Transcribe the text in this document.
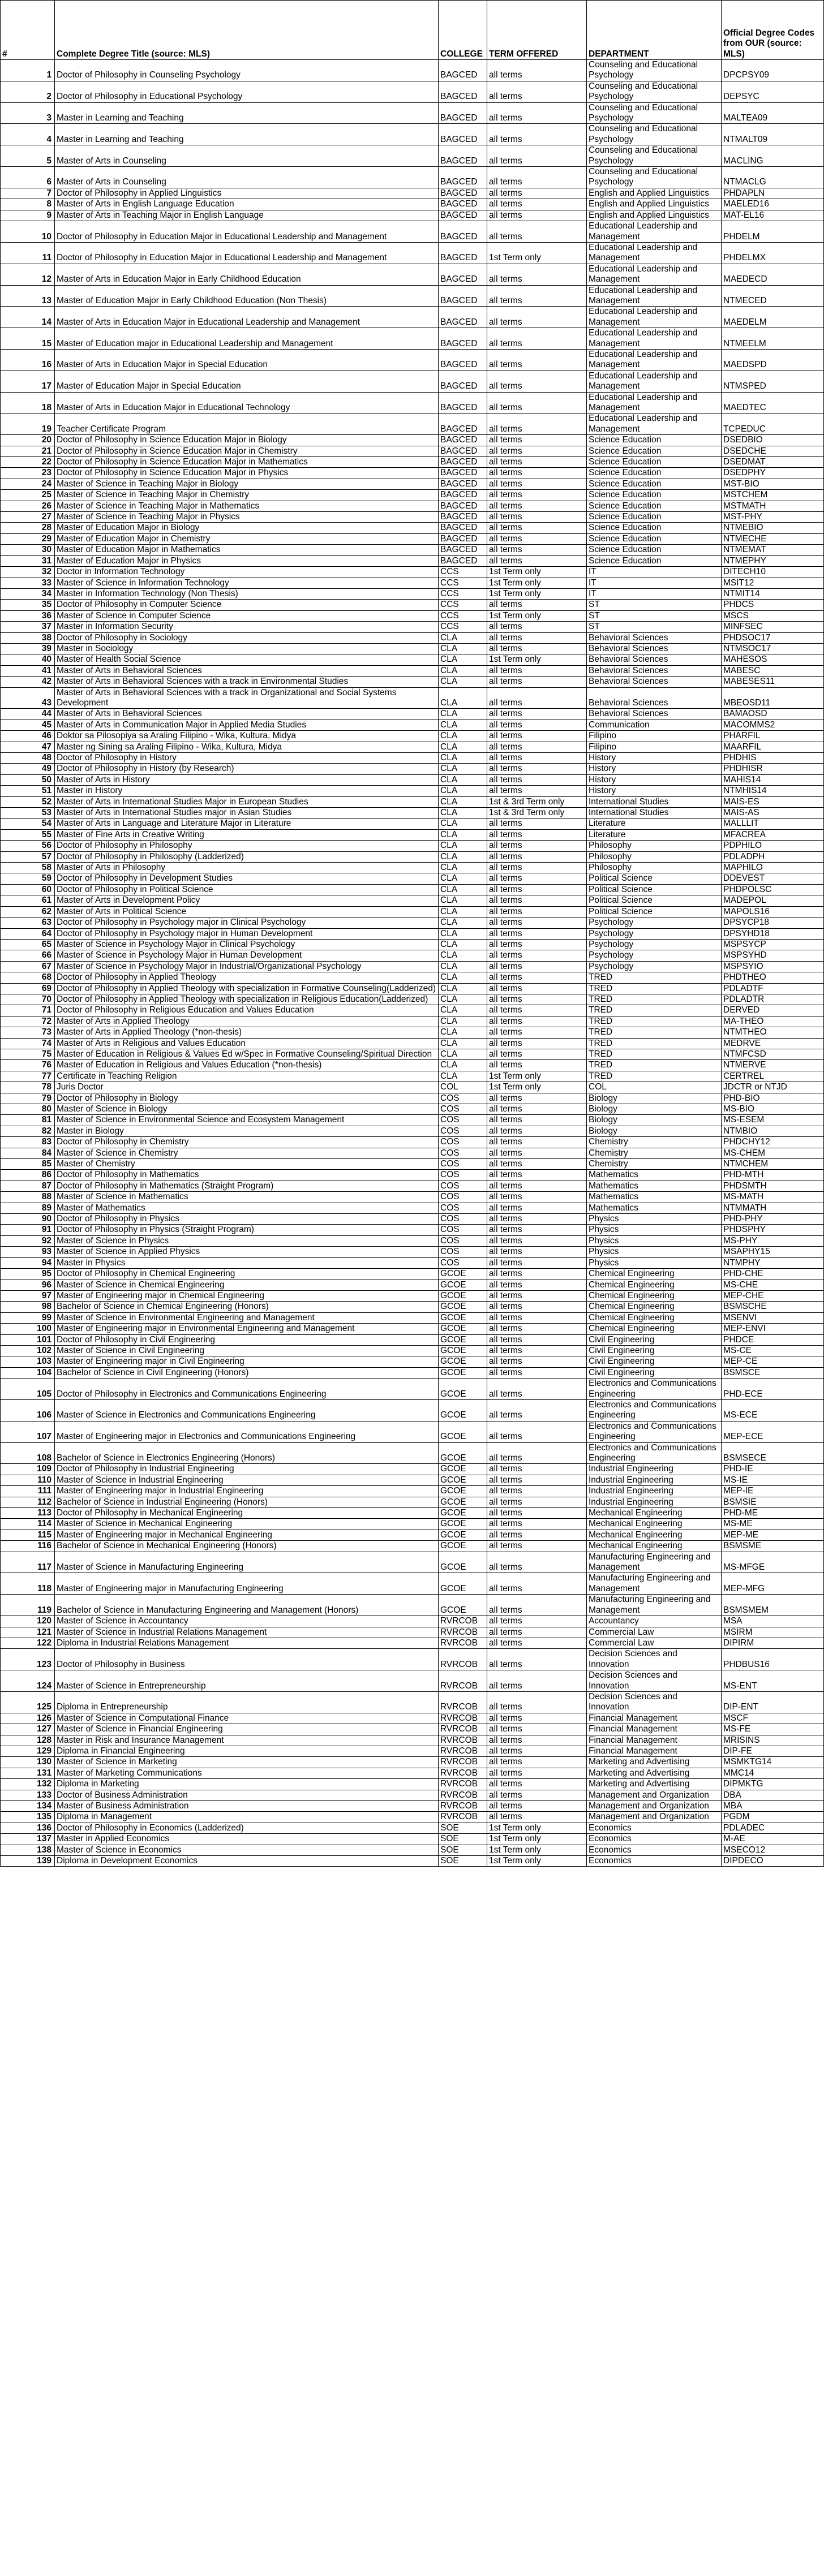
#	Complete Degree Title (source: MLS)	COLLEGE	TERM OFFERED	DEPARTMENT	Official Degree Codes from OUR (source: MLS)
1	Doctor of Philosophy in Counseling Psychology	BAGCED	all terms	Counseling and Educational Psychology	DPCPSY09
2	Doctor of Philosophy in Educational Psychology	BAGCED	all terms	Counseling and Educational Psychology	DEPSYC
3	Master in Learning and Teaching	BAGCED	all terms	Counseling and Educational Psychology	MALTEA09
4	Master in Learning and Teaching	BAGCED	all terms	Counseling and Educational Psychology	NTMALT09
5	Master of Arts in Counseling	BAGCED	all terms	Counseling and Educational Psychology	MACLING
6	Master of Arts in Counseling	BAGCED	all terms	Counseling and Educational Psychology	NTMACLG
7	Doctor of Philosophy in Applied Linguistics	BAGCED	all terms	English and Applied Linguistics	PHDAPLN
8	Master of Arts in English Language Education	BAGCED	all terms	English and Applied Linguistics	MAELED16
9	Master of Arts in Teaching Major in English Language	BAGCED	all terms	English and Applied Linguistics	MAT-EL16
10	Doctor of Philosophy in Education Major in Educational Leadership and Management	BAGCED	all terms	Educational Leadership and Management	PHDELM
11	Doctor of Philosophy in Education Major in Educational Leadership and Management	BAGCED	1st Term only	Educational Leadership and Management	PHDELMX
12	Master of Arts in Education Major in Early Childhood Education	BAGCED	all terms	Educational Leadership and Management	MAEDECD
13	Master of Education Major in Early Childhood Education (Non Thesis)	BAGCED	all terms	Educational Leadership and Management	NTMECED
14	Master of Arts in Education Major in Educational Leadership and Management	BAGCED	all terms	Educational Leadership and Management	MAEDELM
15	Master of Education major in Educational Leadership and Management	BAGCED	all terms	Educational Leadership and Management	NTMEELM
16	Master of Arts in Education Major in Special Education	BAGCED	all terms	Educational Leadership and Management	MAEDSPD
17	Master of Education Major in Special Education	BAGCED	all terms	Educational Leadership and Management	NTMSPED
18	Master of Arts in Education Major in Educational Technology	BAGCED	all terms	Educational Leadership and Management	MAEDTEC
19	Teacher Certificate Program	BAGCED	all terms	Educational Leadership and Management	TCPEDUC
20	Doctor of Philosophy in Science Education Major in Biology	BAGCED	all terms	Science Education	DSEDBIO
21	Doctor of Philosophy in Science Education Major in Chemistry	BAGCED	all terms	Science Education	DSEDCHE
22	Doctor of Philosophy in Science Education Major in Mathematics	BAGCED	all terms	Science Education	DSEDMAT
23	Doctor of Philosophy in Science Education Major in Physics	BAGCED	all terms	Science Education	DSEDPHY
24	Master of Science in Teaching Major in Biology	BAGCED	all terms	Science Education	MST-BIO
25	Master of Science in Teaching Major in Chemistry	BAGCED	all terms	Science Education	MSTCHEM
26	Master of Science in Teaching Major in Mathematics	BAGCED	all terms	Science Education	MSTMATH
27	Master of Science in Teaching Major in Physics	BAGCED	all terms	Science Education	MST-PHY
28	Master of Education Major in Biology	BAGCED	all terms	Science Education	NTMEBIO
29	Master of Education Major in Chemistry	BAGCED	all terms	Science Education	NTMECHE
30	Master of Education Major in Mathematics	BAGCED	all terms	Science Education	NTMEMAT
31	Master of Education Major in Physics	BAGCED	all terms	Science Education	NTMEPHY
32	Doctor in Information Technology	CCS	1st Term only	IT	DITECH10
33	Master of Science in Information Technology	CCS	1st Term only	IT	MSIT12
34	Master in Information Technology (Non Thesis)	CCS	1st Term only	IT	NTMIT14
35	Doctor of Philosophy in Computer Science	CCS	all terms	ST	PHDCS
36	Master of Science in Computer Science	CCS	1st Term only	ST	MSCS
37	Master in Information Security	CCS	all terms	ST	MINFSEC
38	Doctor of Philosophy in Sociology	CLA	all terms	Behavioral Sciences	PHDSOC17
39	Master in Sociology	CLA	all terms	Behavioral Sciences	NTMSOC17
40	Master of Health Social Science	CLA	1st Term only	Behavioral Sciences	MAHESOS
41	Master of Arts in Behavioral Sciences	CLA	all terms	Behavioral Sciences	MABESC
42	Master of Arts in Behavioral Sciences with a track in Environmental Studies	CLA	all terms	Behavioral Sciences	MABESES11
43	Master of Arts in Behavioral Sciences with a track in Organizational and Social Systems Development	CLA	all terms	Behavioral Sciences	MBEOSD11
44	Master of Arts in Behavioral Sciences	CLA	all terms	Behavioral Sciences	BAMAOSD
45	Master of Arts in Communication Major in Applied Media Studies	CLA	all terms	Communication	MACOMMS2
46	Doktor sa Pilosopiya sa Araling Filipino - Wika, Kultura, Midya	CLA	all terms	Filipino	PHARFIL
47	Master ng Sining sa Araling Filipino - Wika, Kultura, Midya	CLA	all terms	Filipino	MAARFIL
48	Doctor of Philosophy in History	CLA	all terms	History	PHDHIS
49	Doctor of Philosophy in History (by Research)	CLA	all terms	History	PHDHISR
50	Master of Arts in History	CLA	all terms	History	MAHIS14
51	Master in History	CLA	all terms	History	NTMHIS14
52	Master of Arts in International Studies Major in European Studies	CLA	1st & 3rd Term only	International Studies	MAIS-ES
53	Master of Arts in International Studies major in Asian Studies	CLA	1st & 3rd Term only	International Studies	MAIS-AS
54	Master of Arts in Language and Literature Major in Literature	CLA	all terms	Literature	MALLLIT
55	Master of Fine Arts in Creative Writing	CLA	all terms	Literature	MFACREA
56	Doctor of Philosophy in Philosophy	CLA	all terms	Philosophy	PDPHILO
57	Doctor of Philosophy in Philosophy (Ladderized)	CLA	all terms	Philosophy	PDLADPH
58	Master of Arts in Philosophy	CLA	all terms	Philosophy	MAPHILO
59	Doctor of Philosophy in Development Studies	CLA	all terms	Political Science	DDEVEST
60	Doctor of Philosophy in Political Science	CLA	all terms	Political Science	PHDPOLSC
61	Master of Arts in Development Policy	CLA	all terms	Political Science	MADEPOL
62	Master of Arts in Political Science	CLA	all terms	Political Science	MAPOLS16
63	Doctor of Philosophy in Psychology major in Clinical Psychology	CLA	all terms	Psychology	DPSYCP18
64	Doctor of Philosophy in Psychology major in Human Development	CLA	all terms	Psychology	DPSYHD18
65	Master of Science in Psychology Major in Clinical Psychology	CLA	all terms	Psychology	MSPSYCP
66	Master of Science in Psychology Major in Human Development	CLA	all terms	Psychology	MSPSYHD
67	Master of Science in Psychology Major in Industrial/Organizational Psychology	CLA	all terms	Psychology	MSPSYIO
68	Doctor of Philosophy in Applied Theology	CLA	all terms	TRED	PHDTHEO
69	Doctor of Philosophy in Applied Theology with specialization in Formative Counseling(Ladderized)	CLA	all terms	TRED	PDLADTF
70	Doctor of Philosophy in Applied Theology with specialization in Religious Education(Ladderized)	CLA	all terms	TRED	PDLADTR
71	Doctor of Philosophy in Religious Education and Values Education	CLA	all terms	TRED	DERVED
72	Master of Arts in Applied Theology	CLA	all terms	TRED	MA-THEO
73	Master of Arts in Applied Theology (*non-thesis)	CLA	all terms	TRED	NTMTHEO
74	Master of Arts in Religious and Values Education	CLA	all terms	TRED	MEDRVE
75	Master of Education in Religious & Values Ed w/Spec in Formative Counseling/Spiritual Direction	CLA	all terms	TRED	NTMFCSD
76	Master of Education in Religious and Values Education (*non-thesis)	CLA	all terms	TRED	NTMERVE
77	Certificate in Teaching Religion	CLA	1st Term only	TRED	CERTREL
78	Juris Doctor	COL	1st Term only	COL	JDCTR or NTJD
79	Doctor of Philosophy in Biology	COS	all terms	Biology	PHD-BIO
80	Master of Science in Biology	COS	all terms	Biology	MS-BIO
81	Master of Science in Environmental Science and Ecosystem Management	COS	all terms	Biology	MS-ESEM
82	Master in Biology	COS	all terms	Biology	NTMBIO
83	Doctor of Philosophy in Chemistry	COS	all terms	Chemistry	PHDCHY12
84	Master of Science in Chemistry	COS	all terms	Chemistry	MS-CHEM
85	Master of Chemistry	COS	all terms	Chemistry	NTMCHEM
86	Doctor of Philosophy in Mathematics	COS	all terms	Mathematics	PHD-MTH
87	Doctor of Philosophy in Mathematics (Straight Program)	COS	all terms	Mathematics	PHDSMTH
88	Master of Science in Mathematics	COS	all terms	Mathematics	MS-MATH
89	Master of Mathematics	COS	all terms	Mathematics	NTMMATH
90	Doctor of Philosophy in Physics	COS	all terms	Physics	PHD-PHY
91	Doctor of Philosophy in Physics (Straight Program)	COS	all terms	Physics	PHDSPHY
92	Master of Science in Physics	COS	all terms	Physics	MS-PHY
93	Master of Science in Applied Physics	COS	all terms	Physics	MSAPHY15
94	Master in Physics	COS	all terms	Physics	NTMPHY
95	Doctor of Philosophy in Chemical Engineering	GCOE	all terms	Chemical Engineering	PHD-CHE
96	Master of Science in Chemical Engineering	GCOE	all terms	Chemical Engineering	MS-CHE
97	Master of Engineering major in Chemical Engineering	GCOE	all terms	Chemical Engineering	MEP-CHE
98	Bachelor of Science in Chemical Engineering (Honors)	GCOE	all terms	Chemical Engineering	BSMSCHE
99	Master of Science in Environmental Engineering and Management	GCOE	all terms	Chemical Engineering	MSENVI
100	Master of Engineering major in Environmental Engineering and Management	GCOE	all terms	Chemical Engineering	MEP-ENVI
101	Doctor of Philosophy in Civil Engineering	GCOE	all terms	Civil Engineering	PHDCE
102	Master of Science in Civil Engineering	GCOE	all terms	Civil Engineering	MS-CE
103	Master of Engineering major in Civil Engineering	GCOE	all terms	Civil Engineering	MEP-CE
104	Bachelor of Science in Civil Engineering (Honors)	GCOE	all terms	Civil Engineering	BSMSCE
105	Doctor of Philosophy in Electronics and Communications Engineering	GCOE	all terms	Electronics and Communications Engineering	PHD-ECE
106	Master of Science in Electronics and Communications Engineering	GCOE	all terms	Electronics and Communications Engineering	MS-ECE
107	Master of Engineering major in Electronics and Communications Engineering	GCOE	all terms	Electronics and Communications Engineering	MEP-ECE
108	Bachelor of Science in Electronics Engineering (Honors)	GCOE	all terms	Electronics and Communications Engineering	BSMSECE
109	Doctor of Philosophy in Industrial Engineering	GCOE	all terms	Industrial Engineering	PHD-IE
110	Master of Science in Industrial Engineering	GCOE	all terms	Industrial Engineering	MS-IE
111	Master of Engineering major in Industrial Engineering	GCOE	all terms	Industrial Engineering	MEP-IE
112	Bachelor of Science in Industrial Engineering (Honors)	GCOE	all terms	Industrial Engineering	BSMSIE
113	Doctor of Philosophy in Mechanical Engineering	GCOE	all terms	Mechanical Engineering	PHD-ME
114	Master of Science in Mechanical Engineering	GCOE	all terms	Mechanical Engineering	MS-ME
115	Master of Engineering major in Mechanical Engineering	GCOE	all terms	Mechanical Engineering	MEP-ME
116	Bachelor of Science in Mechanical Engineering (Honors)	GCOE	all terms	Mechanical Engineering	BSMSME
117	Master of Science in Manufacturing Engineering	GCOE	all terms	Manufacturing Engineering and Management	MS-MFGE
118	Master of Engineering major in Manufacturing Engineering	GCOE	all terms	Manufacturing Engineering and Management	MEP-MFG
119	Bachelor of Science in Manufacturing Engineering and Management (Honors)	GCOE	all terms	Manufacturing Engineering and Management	BSMSMEM
120	Master of Science in Accountancy	RVRCOB	all terms	Accountancy	MSA
121	Master of Science in Industrial Relations Management	RVRCOB	all terms	Commercial Law	MSIRM
122	Diploma in Industrial Relations Management	RVRCOB	all terms	Commercial Law	DIPIRM
123	Doctor of Philosophy in Business	RVRCOB	all terms	Decision Sciences and Innovation	PHDBUS16
124	Master of Science in Entrepreneurship	RVRCOB	all terms	Decision Sciences and Innovation	MS-ENT
125	Diploma in Entrepreneurship	RVRCOB	all terms	Decision Sciences and Innovation	DIP-ENT
126	Master of Science in Computational Finance	RVRCOB	all terms	Financial Management	MSCF
127	Master of Science in Financial Engineering	RVRCOB	all terms	Financial Management	MS-FE
128	Master in Risk and Insurance Management	RVRCOB	all terms	Financial Management	MRISINS
129	Diploma in Financial Engineering	RVRCOB	all terms	Financial Management	DIP-FE
130	Master of Science in Marketing	RVRCOB	all terms	Marketing and Advertising	MSMKTG14
131	Master of Marketing Communications	RVRCOB	all terms	Marketing and Advertising	MMC14
132	Diploma in Marketing	RVRCOB	all terms	Marketing and Advertising	DIPMKTG
133	Doctor of Business Administration	RVRCOB	all terms	Management and Organization	DBA
134	Master of Business Administration	RVRCOB	all terms	Management and Organization	MBA
135	Diploma in Management	RVRCOB	all terms	Management and Organization	PGDM
136	Doctor of Philosophy in Economics (Ladderized)	SOE	1st Term only	Economics	PDLADEC
137	Master in Applied Economics	SOE	1st Term only	Economics	M-AE
138	Master of Science in Economics	SOE	1st Term only	Economics	MSECO12
139	Diploma in Development Economics	SOE	1st Term only	Economics	DIPDECO
